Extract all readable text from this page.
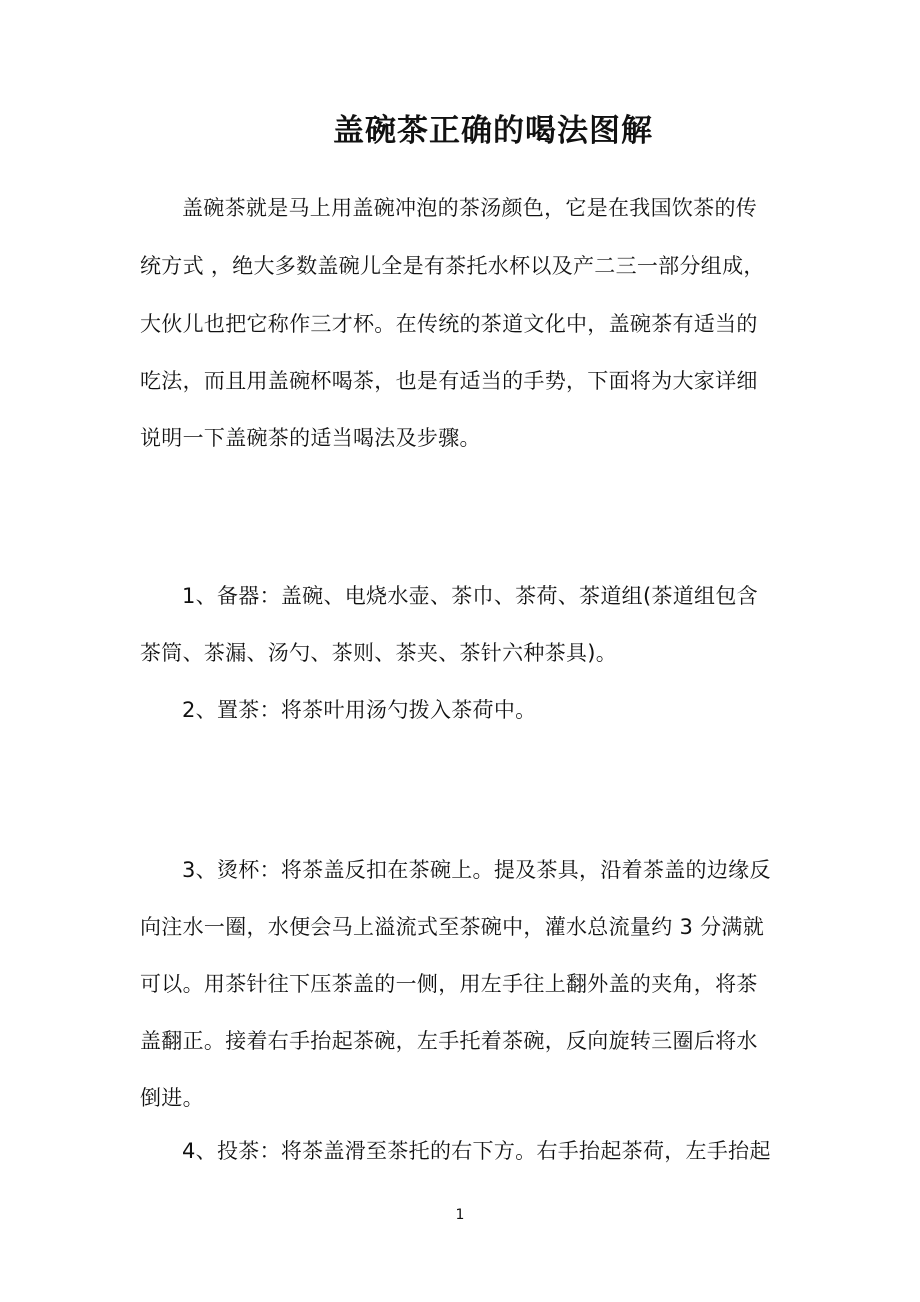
盖碗茶正确的喝法图解
盖碗茶就是马上用盖碗冲泡的茶汤颜色，它是在我国饮茶的传
统方式 ，绝大多数盖碗儿全是有茶托水杯以及产二三一部分组成，
大伙儿也把它称作三才杯。在传统的茶道文化中，盖碗茶有适当的
吃法，而且用盖碗杯喝茶，也是有适当的手势，下面将为大家详细
说明一下盖碗茶的适当喝法及步骤。
1、备器：盖碗、电烧水壶、茶巾、茶荷、茶道组(茶道组包含
茶筒、茶漏、汤勺、茶则、茶夹、茶针六种茶具)。
2、置茶：将茶叶用汤勺拨入茶荷中。
3、烫杯：将茶盖反扣在茶碗上。提及茶具，沿着茶盖的边缘反
向注水一圈，水便会马上溢流式至茶碗中，灌水总流量约 3 分满就
可以。用茶针往下压茶盖的一侧，用左手往上翻外盖的夹角，将茶
盖翻正。接着右手抬起茶碗，左手托着茶碗，反向旋转三圈后将水
倒进。
4、投茶：将茶盖滑至茶托的右下方。右手抬起茶荷，左手抬起
1
